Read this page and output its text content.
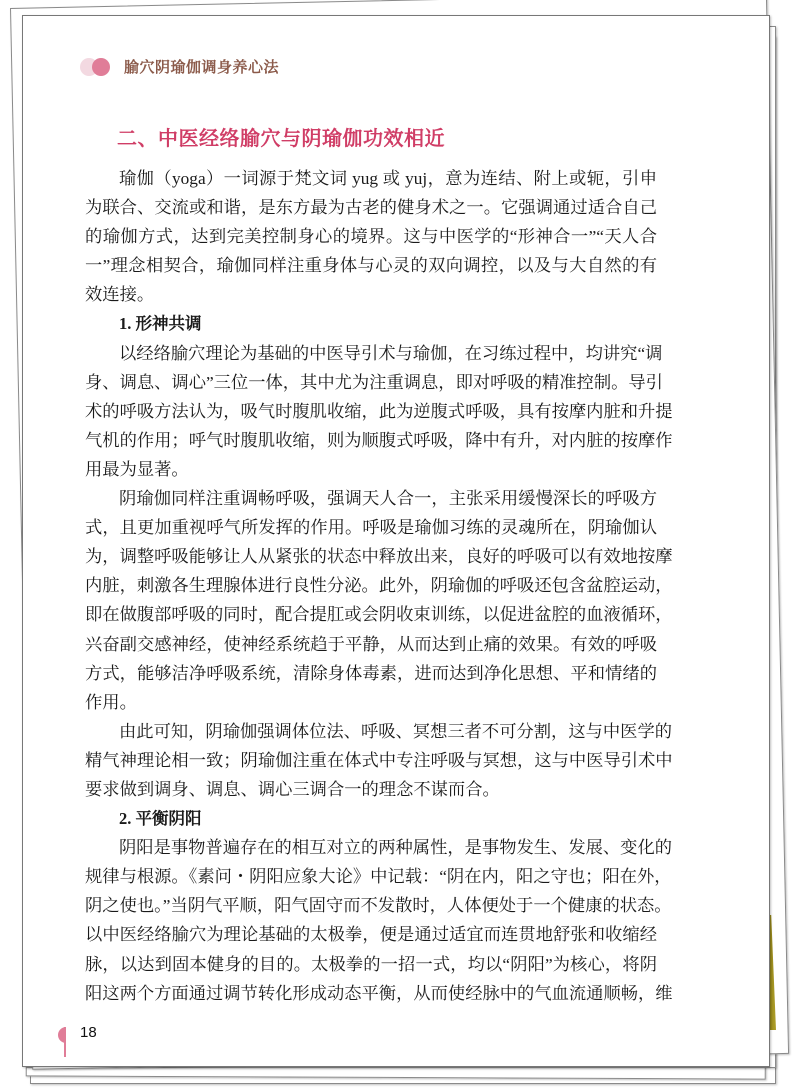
腧穴阴瑜伽调身养心法
二、中医经络腧穴与阴瑜伽功效相近
瑜伽（yoga）一词源于梵文词 yug 或 yuj，意为连结、附上或轭，引申
为联合、交流或和谐，是东方最为古老的健身术之一。它强调通过适合自己
的瑜伽方式，达到完美控制身心的境界。这与中医学的“形神合一”“天人合
一”理念相契合，瑜伽同样注重身体与心灵的双向调控，以及与大自然的有
效连接。
1. 形神共调
以经络腧穴理论为基础的中医导引术与瑜伽，在习练过程中，均讲究“调
身、调息、调心”三位一体，其中尤为注重调息，即对呼吸的精准控制。导引
术的呼吸方法认为，吸气时腹肌收缩，此为逆腹式呼吸，具有按摩内脏和升提
气机的作用；呼气时腹肌收缩，则为顺腹式呼吸，降中有升，对内脏的按摩作
用最为显著。
阴瑜伽同样注重调畅呼吸，强调天人合一，主张采用缓慢深长的呼吸方
式，且更加重视呼气所发挥的作用。呼吸是瑜伽习练的灵魂所在，阴瑜伽认
为，调整呼吸能够让人从紧张的状态中释放出来，良好的呼吸可以有效地按摩
内脏，刺激各生理腺体进行良性分泌。此外，阴瑜伽的呼吸还包含盆腔运动，
即在做腹部呼吸的同时，配合提肛或会阴收束训练，以促进盆腔的血液循环，
兴奋副交感神经，使神经系统趋于平静，从而达到止痛的效果。有效的呼吸
方式，能够洁净呼吸系统，清除身体毒素，进而达到净化思想、平和情绪的
作用。
由此可知，阴瑜伽强调体位法、呼吸、冥想三者不可分割，这与中医学的
精气神理论相一致；阴瑜伽注重在体式中专注呼吸与冥想，这与中医导引术中
要求做到调身、调息、调心三调合一的理念不谋而合。
2. 平衡阴阳
阴阳是事物普遍存在的相互对立的两种属性，是事物发生、发展、变化的
规律与根源。《素问・阴阳应象大论》中记载：“阴在内，阳之守也；阳在外，
阴之使也。”当阴气平顺，阳气固守而不发散时，人体便处于一个健康的状态。
以中医经络腧穴为理论基础的太极拳，便是通过适宜而连贯地舒张和收缩经
脉，以达到固本健身的目的。太极拳的一招一式，均以“阴阳”为核心，将阴
阳这两个方面通过调节转化形成动态平衡，从而使经脉中的气血流通顺畅，维
18
